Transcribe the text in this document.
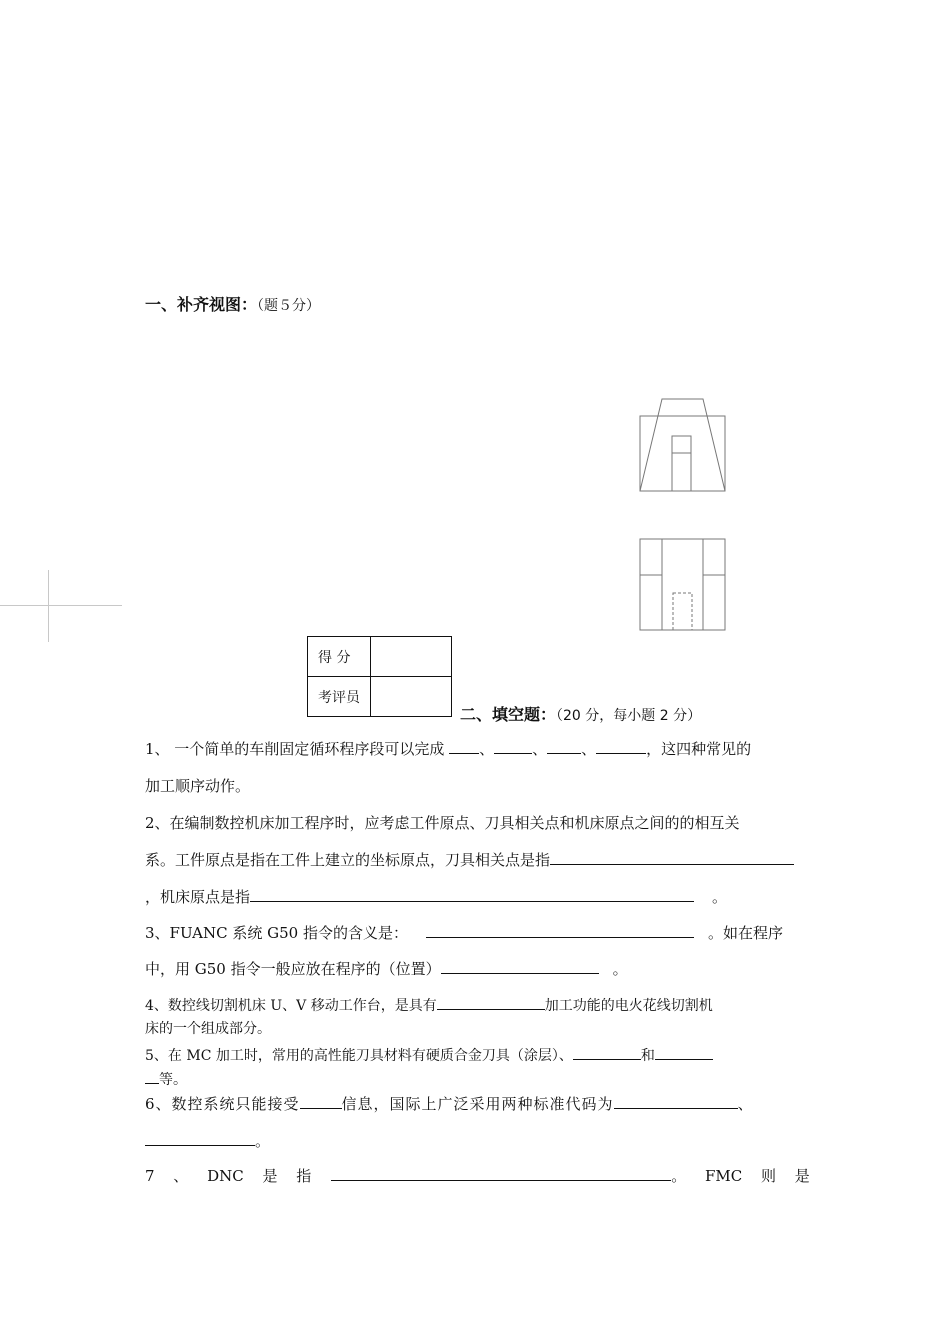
一、补齐视图：（题５分）
得 分	
考评员	
二、填空题：（20 分，每小题 2 分）
1、 一个简单的车削固定循环程序段可以完成 、	、 、	，这四种常见的
加工顺序动作。
2、在编制数控机床加工程序时，应考虑工件原点、刀具相关点和机床原点之间的的相互关
系。工件原点是指在工件上建立的坐标原点，刀具相关点是指
，机床原点是指	。
3、FUANC 系统 G50 指令的含义是：	。如在程序
中，用 G50 指令一般应放在程序的（位置）	。
4、数控线切割机床 U、V 移动工作台，是具有	加工功能的电火花线切割机
床的一个组成部分。
5、在 MC 加工时，常用的高性能刀具材料有硬质合金刀具（涂层）、	和
等。
6、数控系统只能接受	信息，国际上广泛采用两种标准代码为	、
。
7 、 DNC 是 指	。 FMC 则 是
